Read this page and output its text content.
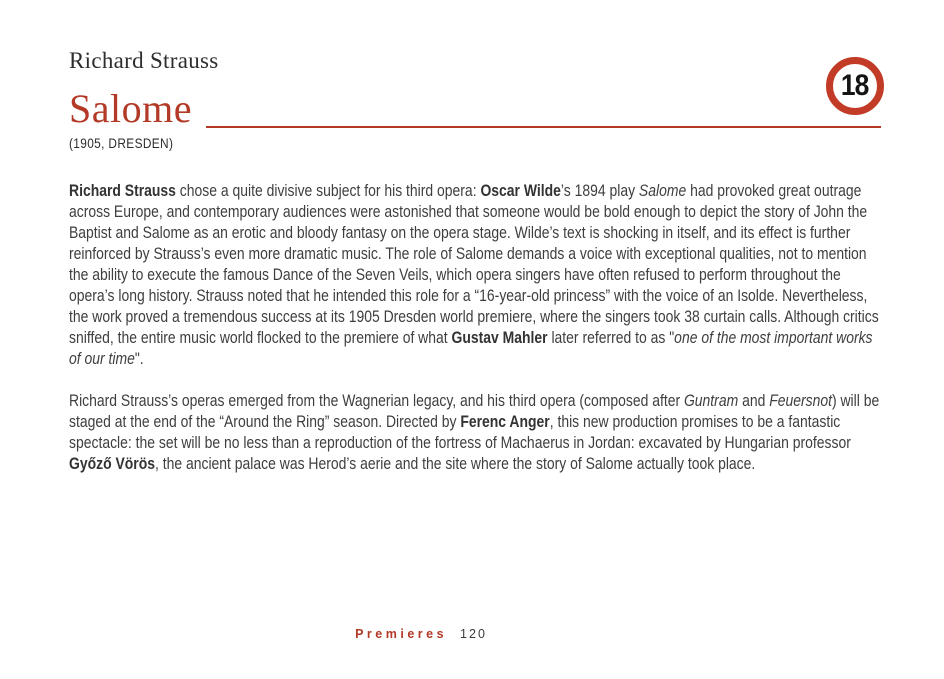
Richard Strauss
Salome
(1905, DRESDEN)
18

Richard Strauss chose a quite divisive subject for his third opera: Oscar Wilde’s 1894 play Salome had provoked great outrage across Europe, and contemporary audiences were astonished that someone would be bold enough to depict the story of John the Baptist and Salome as an erotic and bloody fantasy on the opera stage. Wilde’s text is shocking in itself, and its effect is further reinforced by Strauss’s even more dramatic music. The role of Salome demands a voice with exceptional qualities, not to mention the ability to execute the famous Dance of the Seven Veils, which opera singers have often refused to perform throughout the opera’s long history. Strauss noted that he intended this role for a “16-year-old princess” with the voice of an Isolde. Nevertheless, the work proved a tremendous success at its 1905 Dresden world premiere, where the singers took 38 curtain calls. Although critics sniffed, the entire music world flocked to the premiere of what Gustav Mahler later referred to as "one of the most important works of our time".

Richard Strauss’s operas emerged from the Wagnerian legacy, and his third opera (composed after Guntram and Feuersnot) will be staged at the end of the “Around the Ring” season. Directed by Ferenc Anger, this new production promises to be a fantastic spectacle: the set will be no less than a reproduction of the fortress of Machaerus in Jordan: excavated by Hungarian professor Győző Vörös, the ancient palace was Herod’s aerie and the site where the story of Salome actually took place.

Premieres 120
